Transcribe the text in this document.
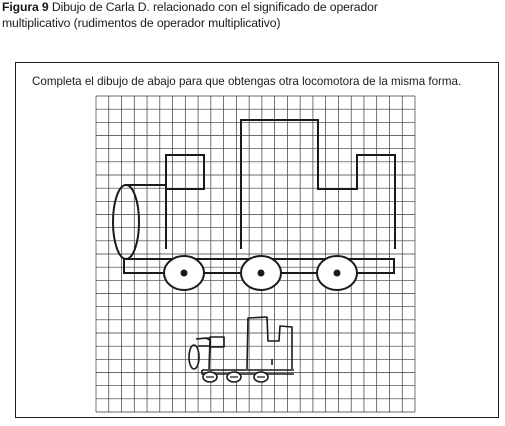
Figura 9 Dibujo de Carla D. relacionado con el significado de operador
multiplicativo (rudimentos de operador multiplicativo)
Completa el dibujo de abajo para que obtengas otra locomotora de la misma forma.
